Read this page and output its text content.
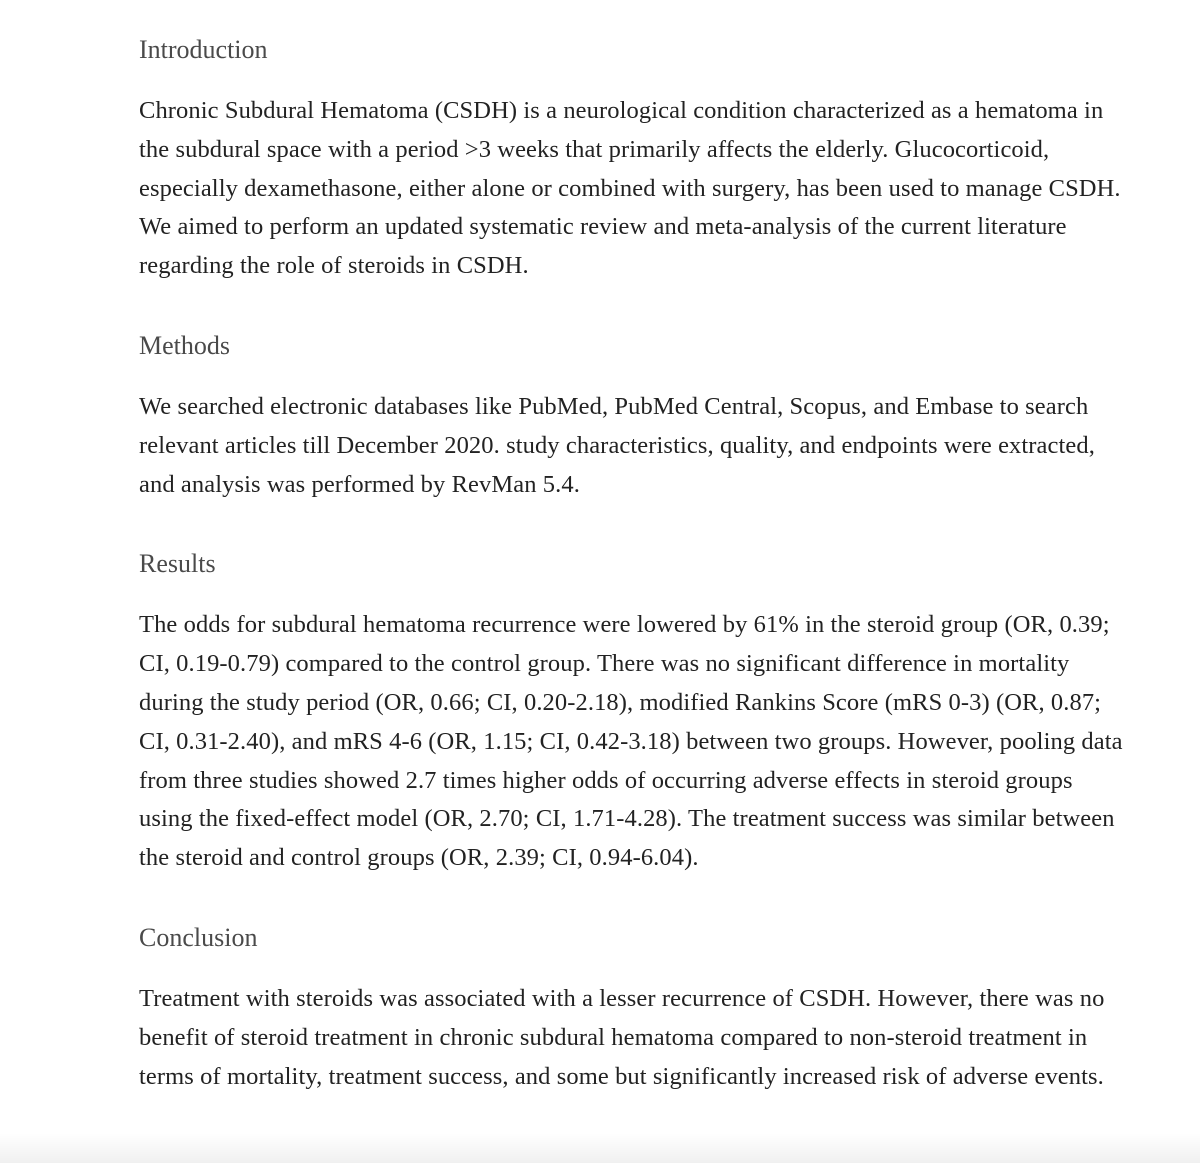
Introduction

Chronic Subdural Hematoma (CSDH) is a neurological condition characterized as a hematoma in the subdural space with a period >3 weeks that primarily affects the elderly. Glucocorticoid, especially dexamethasone, either alone or combined with surgery, has been used to manage CSDH. We aimed to perform an updated systematic review and meta-analysis of the current literature regarding the role of steroids in CSDH.

Methods

We searched electronic databases like PubMed, PubMed Central, Scopus, and Embase to search relevant articles till December 2020. study characteristics, quality, and endpoints were extracted, and analysis was performed by RevMan 5.4.

Results

The odds for subdural hematoma recurrence were lowered by 61% in the steroid group (OR, 0.39; CI, 0.19-0.79) compared to the control group. There was no significant difference in mortality during the study period (OR, 0.66; CI, 0.20-2.18), modified Rankins Score (mRS 0-3) (OR, 0.87; CI, 0.31-2.40), and mRS 4-6 (OR, 1.15; CI, 0.42-3.18) between two groups. However, pooling data from three studies showed 2.7 times higher odds of occurring adverse effects in steroid groups using the fixed-effect model (OR, 2.70; CI, 1.71-4.28). The treatment success was similar between the steroid and control groups (OR, 2.39; CI, 0.94-6.04).

Conclusion

Treatment with steroids was associated with a lesser recurrence of CSDH. However, there was no benefit of steroid treatment in chronic subdural hematoma compared to non-steroid treatment in terms of mortality, treatment success, and some but significantly increased risk of adverse events.
